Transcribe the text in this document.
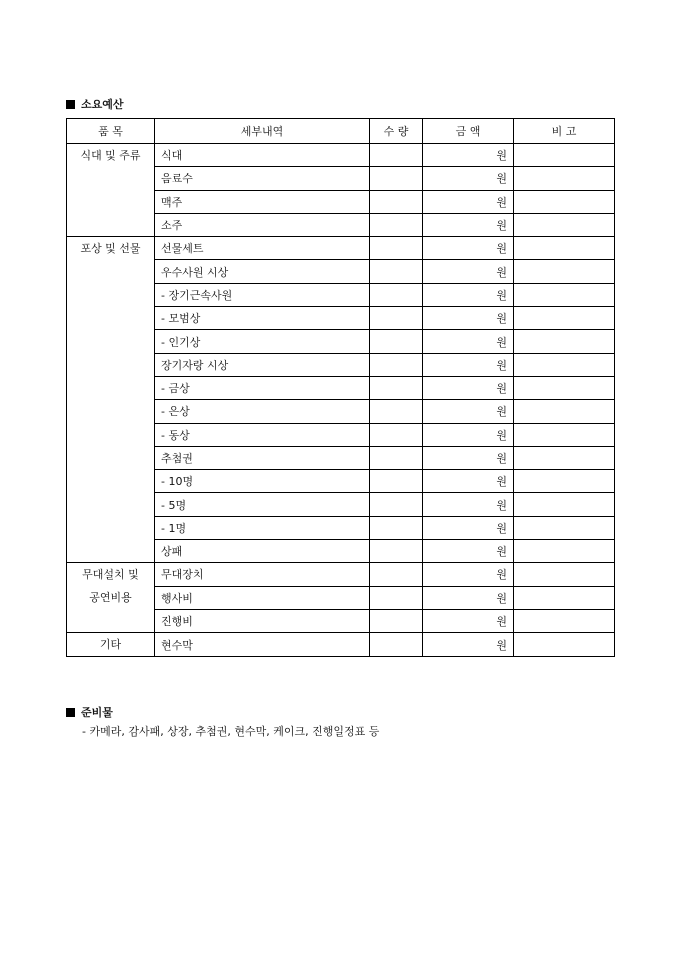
소요예산
품 목	세부내역	수 량	금 액	비 고

식대 및 주류	식대		원	
	음료수		원	
	맥주		원	
	소주		원	

포상 및 선물	선물세트		원	
	우수사원 시상		원	
	- 장기근속사원		원	
	- 모범상		원	
	- 인기상		원	
	장기자랑 시상		원	
	- 금상		원	
	- 은상		원	
	- 동상		원	
	추첨권		원	
	- 10명		원	
	- 5명		원	
	- 1명		원	
	상패		원	

무대설치 및
공연비용	무대장치		원	
	행사비		원	
	진행비		원	

기타	현수막		원	
준비물
- 카메라, 감사패, 상장, 추첨권, 현수막, 케이크, 진행일정표 등
